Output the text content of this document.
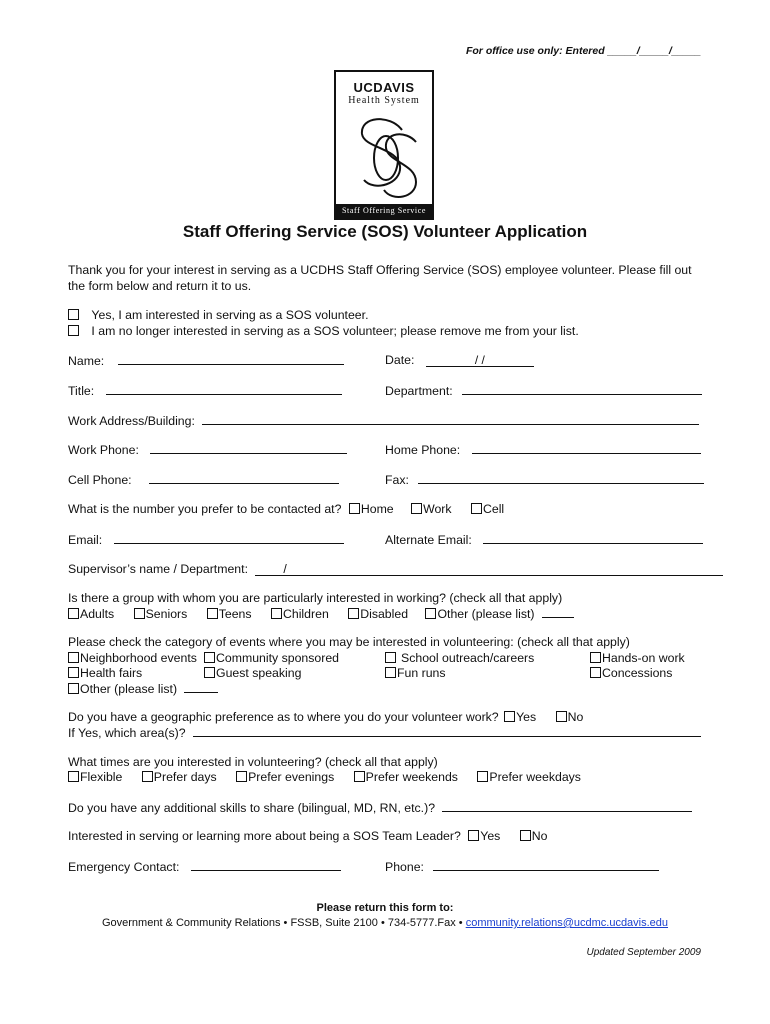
For office use only: Entered _____/_____/_____
UCDAVIS
Health System
Staff Offering Service
Staff Offering Service (SOS) Volunteer Application
Thank you for your interest in serving as a UCDHS Staff Offering Service (SOS) employee volunteer. Please fill out the form below and return it to us.
Yes, I am interested in serving as a SOS volunteer.
I am no longer interested in serving as a SOS volunteer; please remove me from your list.
Name:	Date:	/ /
Title:	Department:
Work Address/Building:
Work Phone:	Home Phone:
Cell Phone:	Fax:
What is the number you prefer to be contacted at? Home Work	Cell
Email:	Alternate Email:
Supervisor’s name / Department:	/
Is there a group with whom you are particularly interested in working? (check all that apply)
Adults	Seniors	Teens	Children	Disabled Other (please list)
Please check the category of events where you may be interested in volunteering: (check all that apply)
Neighborhood events	Community sponsored	School outreach/careers	Hands-on work
Health fairs	Guest speaking	Fun runs	Concessions
Other (please list)
Do you have a geographic preference as to where you do your volunteer work? Yes	No
If Yes, which area(s)?
What times are you interested in volunteering? (check all that apply)
Flexible	Prefer days	Prefer evenings	Prefer weekends	Prefer weekdays
Do you have any additional skills to share (bilingual, MD, RN, etc.)?
Interested in serving or learning more about being a SOS Team Leader? Yes	No
Emergency Contact:	Phone:
Please return this form to:
Government & Community Relations • FSSB, Suite 2100 • 734-5777.Fax • community.relations@ucdmc.ucdavis.edu
Updated September 2009
